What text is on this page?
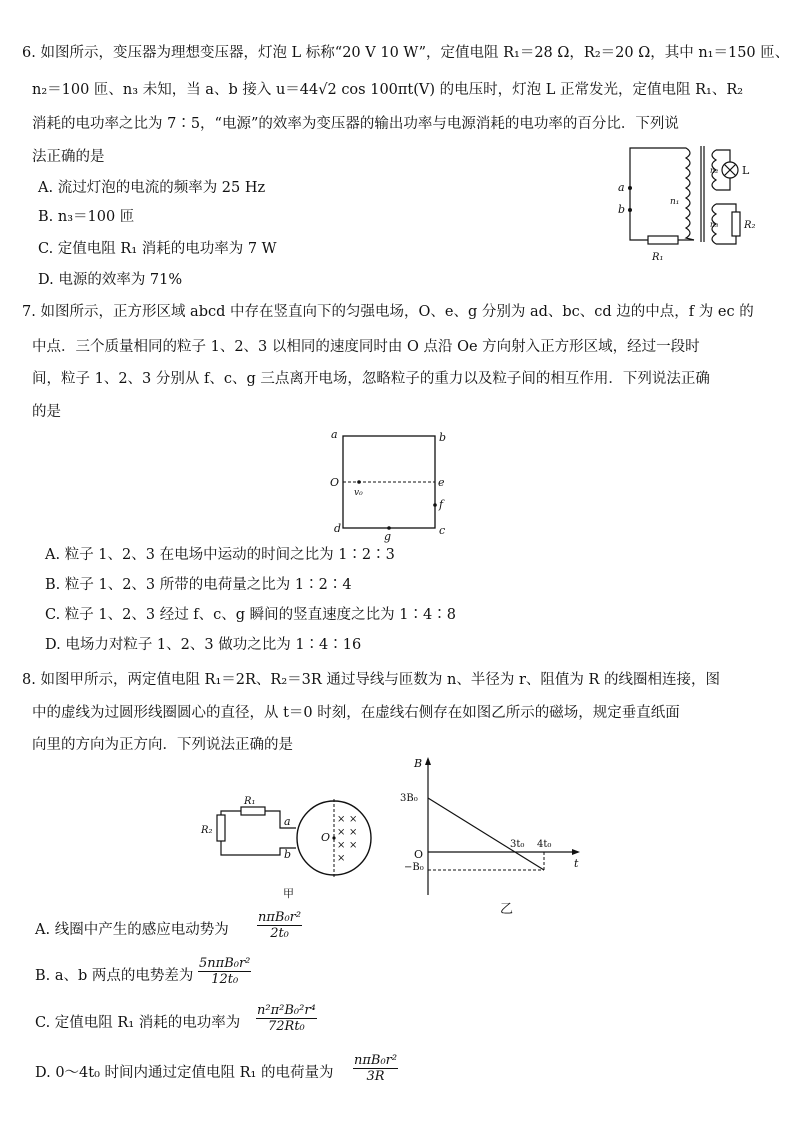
6. 如图所示，变压器为理想变压器，灯泡 L 标称“20 V 10 W”，定值电阻 R₁＝28 Ω，R₂＝20 Ω，其中 n₁＝150 匝、
n₂＝100 匝、n₃ 未知，当 a、b 接入 u＝44√2 cos 100πt(V) 的电压时，灯泡 L 正常发光，定值电阻 R₁、R₂
消耗的电功率之比为 7∶5，“电源”的效率为变压器的输出功率与电源消耗的电功率的百分比．下列说
法正确的是
A. 流过灯泡的电流的频率为 25 Hz
B. n₃＝100 匝
C. 定值电阻 R₁ 消耗的电功率为 7 W
D. 电源的效率为 71%
a
b
n₁
n₂
n₃
L
R₂
R₁
7. 如图所示，正方形区域 abcd 中存在竖直向下的匀强电场，O、e、g 分别为 ad、bc、cd 边的中点，f 为 ec 的
中点．三个质量相同的粒子 1、2、3 以相同的速度同时由 O 点沿 Oe 方向射入正方形区域，经过一段时
间，粒子 1、2、3 分别从 f、c、g 三点离开电场，忽略粒子的重力以及粒子间的相互作用．下列说法正确
的是
a	b
c
d
O	e
f
g
v₀
A. 粒子 1、2、3 在电场中运动的时间之比为 1∶2∶3
B. 粒子 1、2、3 所带的电荷量之比为 1∶2∶4
C. 粒子 1、2、3 经过 f、c、g 瞬间的竖直速度之比为 1∶4∶8
D. 电场力对粒子 1、2、3 做功之比为 1∶4∶16
8. 如图甲所示，两定值电阻 R₁＝2R、R₂＝3R 通过导线与匝数为 n、半径为 r、阻值为 R 的线圈相连接，图
中的虚线为过圆形线圈圆心的直径，从 t＝0 时刻，在虚线右侧存在如图乙所示的磁场，规定垂直纸面
向里的方向为正方向．下列说法正确的是
× ×
× ×
× ×
×
R₁
R₂
a
b
O
甲
B
t
O
3B₀
−B₀
3t₀ 4t₀
乙
A. 线圈中产生的感应电动势为
nπB₀r²
2t₀
B. a、b 两点的电势差为
5nπB₀r²
12t₀
C. 定值电阻 R₁ 消耗的电功率为 $\frac{\text{n²π²B₀²r⁴}}{\text{72Rt₀}}$
D. 0～4t₀ 时间内通过定值电阻 R₁ 的电荷量为
nπB₀r²
3R
